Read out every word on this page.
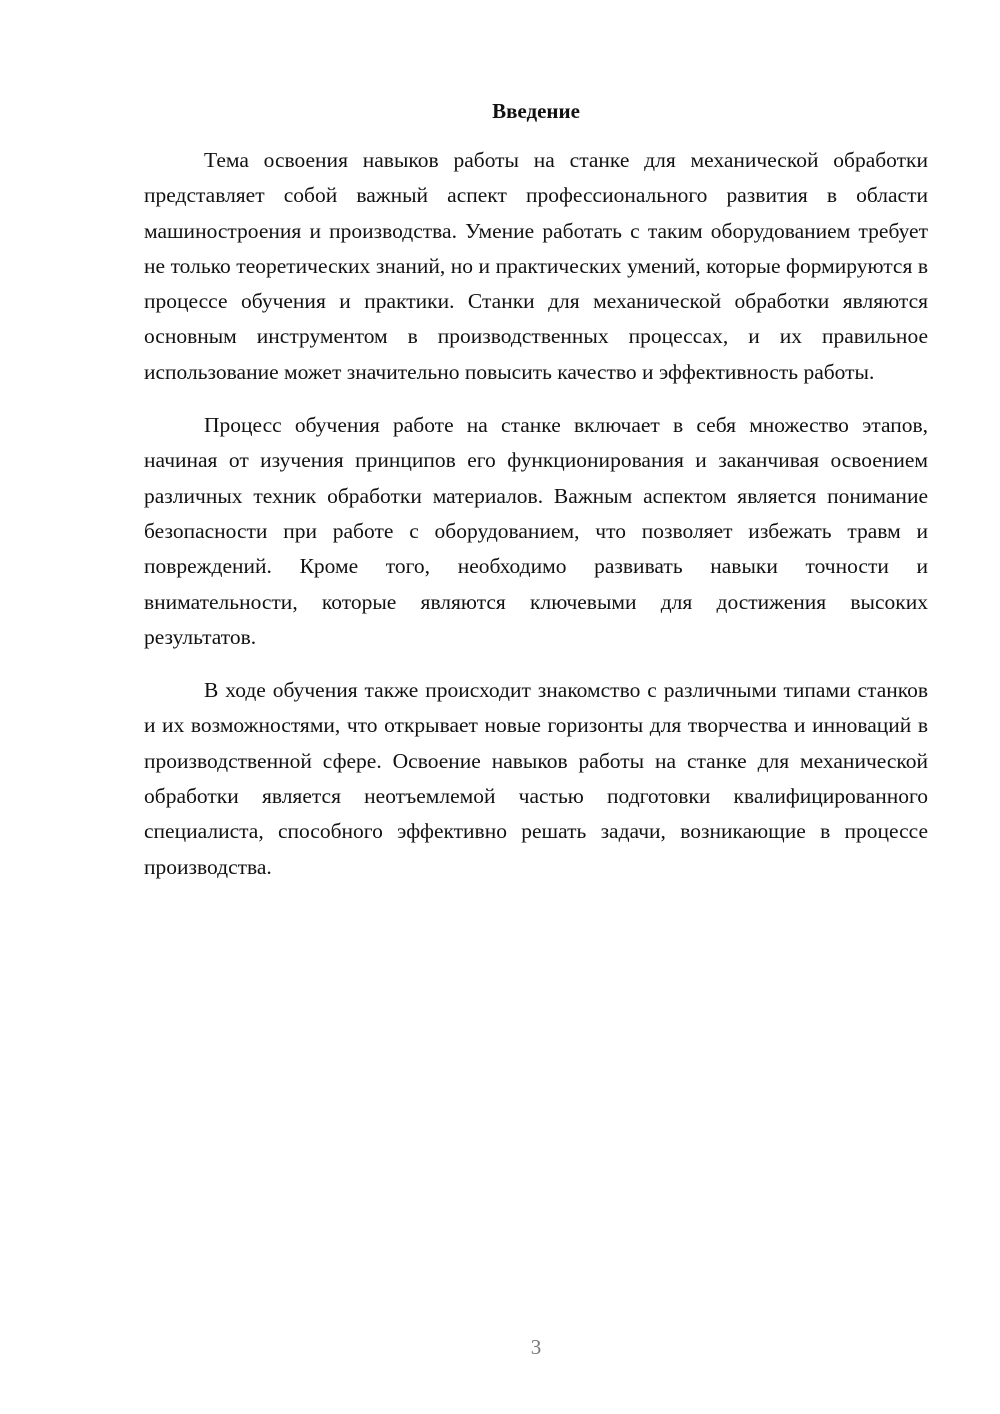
Введение

Тема освоения навыков работы на станке для механической обработки представляет собой важный аспект профессионального развития в области машиностроения и производства. Умение работать с таким оборудованием требует не только теоретических знаний, но и практических умений, которые формируются в процессе обучения и практики. Станки для механической обработки являются основным инструментом в производственных процессах, и их правильное использование может значительно повысить качество и эффективность работы.

Процесс обучения работе на станке включает в себя множество этапов, начиная от изучения принципов его функционирования и заканчивая освоением различных техник обработки материалов. Важным аспектом является понимание безопасности при работе с оборудованием, что позволяет избежать травм и повреждений. Кроме того, необходимо развивать навыки точности и внимательности, которые являются ключевыми для достижения высоких результатов.

В ходе обучения также происходит знакомство с различными типами станков и их возможностями, что открывает новые горизонты для творчества и инноваций в производственной сфере. Освоение навыков работы на станке для механической обработки является неотъемлемой частью подготовки квалифицированного специалиста, способного эффективно решать задачи, возникающие в процессе производства.

3
